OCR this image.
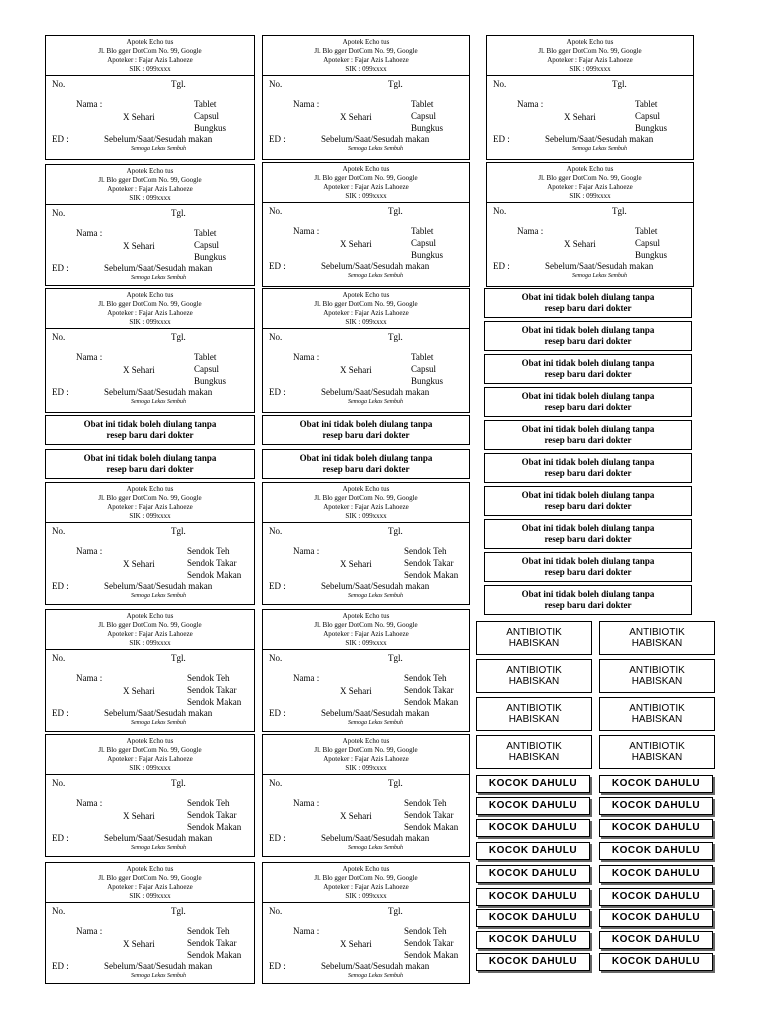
Apotek Echo tus
Jl. Blo gger DotCom No. 99, Google
Apoteker : Fajar Azis Lahoeze
SIK : 099xxxx
No.	Tgl.
Nama :
X Sehari
Tablet
Capsul
Bungkus
ED :	Sebelum/Saat/Sesudah makan
Semoga Lekas Sembuh
Apotek Echo tus
Jl. Blo gger DotCom No. 99, Google
Apoteker : Fajar Azis Lahoeze
SIK : 099xxxx
No.	Tgl.
Nama :
X Sehari
Tablet
Capsul
Bungkus
ED :	Sebelum/Saat/Sesudah makan
Semoga Lekas Sembuh
Apotek Echo tus
Jl. Blo gger DotCom No. 99, Google
Apoteker : Fajar Azis Lahoeze
SIK : 099xxxx
No.	Tgl.
Nama :
X Sehari
Tablet
Capsul
Bungkus
ED :	Sebelum/Saat/Sesudah makan
Semoga Lekas Sembuh
Apotek Echo tus
Jl. Blo gger DotCom No. 99, Google
Apoteker : Fajar Azis Lahoeze
SIK : 099xxxx
No.	Tgl.
Nama :
X Sehari
Tablet
Capsul
Bungkus
ED :	Sebelum/Saat/Sesudah makan
Semoga Lekas Sembuh
Apotek Echo tus
Jl. Blo gger DotCom No. 99, Google
Apoteker : Fajar Azis Lahoeze
SIK : 099xxxx
No.	Tgl.
Nama :
X Sehari
Tablet
Capsul
Bungkus
ED :	Sebelum/Saat/Sesudah makan
Semoga Lekas Sembuh
Apotek Echo tus
Jl. Blo gger DotCom No. 99, Google
Apoteker : Fajar Azis Lahoeze
SIK : 099xxxx
No.	Tgl.
Nama :
X Sehari
Tablet
Capsul
Bungkus
ED :	Sebelum/Saat/Sesudah makan
Semoga Lekas Sembuh
Apotek Echo tus
Jl. Blo gger DotCom No. 99, Google
Apoteker : Fajar Azis Lahoeze
SIK : 099xxxx
No.	Tgl.
Nama :
X Sehari
Tablet
Capsul
Bungkus
ED :	Sebelum/Saat/Sesudah makan
Semoga Lekas Sembuh
Apotek Echo tus
Jl. Blo gger DotCom No. 99, Google
Apoteker : Fajar Azis Lahoeze
SIK : 099xxxx
No.	Tgl.
Nama :
X Sehari
Tablet
Capsul
Bungkus
ED :	Sebelum/Saat/Sesudah makan
Semoga Lekas Sembuh
Apotek Echo tus
Jl. Blo gger DotCom No. 99, Google
Apoteker : Fajar Azis Lahoeze
SIK : 099xxxx
No.	Tgl.
Nama :
X Sehari
Sendok Teh
Sendok Takar
Sendok Makan
ED :	Sebelum/Saat/Sesudah makan
Semoga Lekas Sembuh
Apotek Echo tus
Jl. Blo gger DotCom No. 99, Google
Apoteker : Fajar Azis Lahoeze
SIK : 099xxxx
No.	Tgl.
Nama :
X Sehari
Sendok Teh
Sendok Takar
Sendok Makan
ED :	Sebelum/Saat/Sesudah makan
Semoga Lekas Sembuh
Apotek Echo tus
Jl. Blo gger DotCom No. 99, Google
Apoteker : Fajar Azis Lahoeze
SIK : 099xxxx
No.	Tgl.
Nama :
X Sehari
Sendok Teh
Sendok Takar
Sendok Makan
ED :	Sebelum/Saat/Sesudah makan
Semoga Lekas Sembuh
Apotek Echo tus
Jl. Blo gger DotCom No. 99, Google
Apoteker : Fajar Azis Lahoeze
SIK : 099xxxx
No.	Tgl.
Nama :
X Sehari
Sendok Teh
Sendok Takar
Sendok Makan
ED :	Sebelum/Saat/Sesudah makan
Semoga Lekas Sembuh
Apotek Echo tus
Jl. Blo gger DotCom No. 99, Google
Apoteker : Fajar Azis Lahoeze
SIK : 099xxxx
No.	Tgl.
Nama :
X Sehari
Sendok Teh
Sendok Takar
Sendok Makan
ED :	Sebelum/Saat/Sesudah makan
Semoga Lekas Sembuh
Apotek Echo tus
Jl. Blo gger DotCom No. 99, Google
Apoteker : Fajar Azis Lahoeze
SIK : 099xxxx
No.	Tgl.
Nama :
X Sehari
Sendok Teh
Sendok Takar
Sendok Makan
ED :	Sebelum/Saat/Sesudah makan
Semoga Lekas Sembuh
Apotek Echo tus
Jl. Blo gger DotCom No. 99, Google
Apoteker : Fajar Azis Lahoeze
SIK : 099xxxx
No.	Tgl.
Nama :
X Sehari
Sendok Teh
Sendok Takar
Sendok Makan
ED :	Sebelum/Saat/Sesudah makan
Semoga Lekas Sembuh
Apotek Echo tus
Jl. Blo gger DotCom No. 99, Google
Apoteker : Fajar Azis Lahoeze
SIK : 099xxxx
No.	Tgl.
Nama :
X Sehari
Sendok Teh
Sendok Takar
Sendok Makan
ED :	Sebelum/Saat/Sesudah makan
Semoga Lekas Sembuh
Obat ini tidak boleh diulang tanpa
resep baru dari dokter
Obat ini tidak boleh diulang tanpa
resep baru dari dokter
Obat ini tidak boleh diulang tanpa
resep baru dari dokter
Obat ini tidak boleh diulang tanpa
resep baru dari dokter
Obat ini tidak boleh diulang tanpa
resep baru dari dokter
Obat ini tidak boleh diulang tanpa
resep baru dari dokter
Obat ini tidak boleh diulang tanpa
resep baru dari dokter
Obat ini tidak boleh diulang tanpa
resep baru dari dokter
Obat ini tidak boleh diulang tanpa
resep baru dari dokter
Obat ini tidak boleh diulang tanpa
resep baru dari dokter
Obat ini tidak boleh diulang tanpa
resep baru dari dokter
Obat ini tidak boleh diulang tanpa
resep baru dari dokter
Obat ini tidak boleh diulang tanpa
resep baru dari dokter
Obat ini tidak boleh diulang tanpa
resep baru dari dokter
ANTIBIOTIK
HABISKAN
ANTIBIOTIK
HABISKAN
ANTIBIOTIK
HABISKAN
ANTIBIOTIK
HABISKAN
ANTIBIOTIK
HABISKAN
ANTIBIOTIK
HABISKAN
ANTIBIOTIK
HABISKAN
ANTIBIOTIK
HABISKAN
KOCOK DAHULU	KOCOK DAHULU
KOCOK DAHULU	KOCOK DAHULU
KOCOK DAHULU	KOCOK DAHULU
KOCOK DAHULU	KOCOK DAHULU
KOCOK DAHULU	KOCOK DAHULU
KOCOK DAHULU	KOCOK DAHULU
KOCOK DAHULU	KOCOK DAHULU
KOCOK DAHULU	KOCOK DAHULU
KOCOK DAHULU	KOCOK DAHULU
